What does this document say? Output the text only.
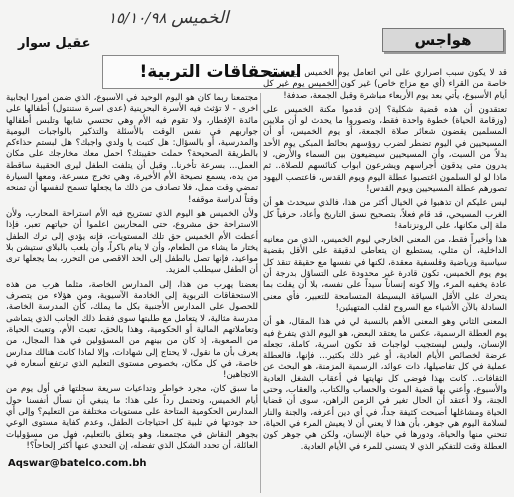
الخميس ١٥/١٠/٩٨
عقيل سوار	هواجس
استحقاقات التربية!

قد لا يكون سبب اصراري على أني أتعامل يوم الخميس مع شريحة خاصة من القراء (أي مع مزاج خاص) غير كون الخميس يوم غير كل أيام الأسبوع، يأتي بعد يوم الأربعاء مباشرة وقبل الجمعة، صدفة!

تعتقدون أن هذه قضية شكلية؟ إذن قدموا مكنة الخميس على (وزقامة الحياة) خطوة واحدة فقط، وتصوروا ما يحدث لو أن ملايين المسلمين يقضون شعائر صلاة الجمعة، أو يوم الخميس، أو أن المسيحيين في اليوم تضطر لضرب روؤسهم بحائط المبكى يوم الأحد بدلاً من السبت، وأن المسيحيين سيضيعون بين السماء والأرض، لا يدرون متى يدقون أجراسهم ويشرعون ابواب كنائسهم للصلاة.. ثم ماذا لو لو السلمون اغتصبوا عطلة اليوم ويوم القدس، فاعتصب اليهود تصورهم عطلة المسيحيين ويوم القدس!

ليس عليكم ان تذهبوا في الخيال أكثر من هذا، فالذي سيحدث هو أن الغرب المسيحي، قد قام فعلاً، بتصحيح نسق التاريخ وأعاد، حرفياً كل ملة إلى مكانها، على الرونزنامة!

هذا وأخيراً فقط، من المعنى الخارجي ليوم الخميس، الذي من معانيه الداخلية، أن مثلي، يستطيع ان يتعاطى لدقيقة على الأقل بقضية سياسية ورياضية وفلسفية معقدة، لكنها في نفسها مع حقيقة تنقذ كل يوم يوم الخميس، تكون قادرة غير محدودة على التساؤل بدرجة أن عادة يخفيه المرء، وإلا كونه إنساناً سيداً على نفسه، بلا أن يفلت بما يتحرك على الأقل السياقة البسيطة المتسامحة للتعبير، فأي معنى السادلة بالآن الأشياء مع السروح لقلب المتهيئين!

المعنى الثاني وهو المعنى الأهم بالنسبة لي في هذا المقال، هو أن يوم العطلة الرسمية، عكس ما يعتقد البعض، هو اليوم الذي يتفرغ فيه الإنسان، وليس ليستجيب لواجبات قد تكون اسرية، كاملة، تجعله عرضة لخصائص الأيام العادية، أو غير ذلك بكثير... فإنها، فالعطلة عملية في كل تفاصيلها، ذات عوائد، الرسمية المزمنة، هو البحث عن الثقافات.. كانت بهذا فوضى كل نهايتها في أعقاب الشغل العادية والأسبوع، وأعني بها قضية الموت والحساب والكتاب، والعقاب، وحتى الجنة، ولا أعتقد أن الحال تغير في الزمن الراهن، سوى أن قضايا الحياة ومشاغلها أصبحت كثيفة جداً، في أي دين أعرفه، والجنة والنار لسلامة اليوم هي جوهر، بأن هذا لا يعني أن لا يعيش المرء في الحياة، تنحني منها والحياة، ودورها في حياة الإنسان، ولكن هي جوهر كون العطلة وقت للتفكير الذي لا يتسنى للمرء في الأيام العادية.

مجتمعنا ربما كان هو اليوم الوحيد في الأسبوع، الذي ضمن امورا ايجابية اخرى - لا تؤثث فيه الأسرة البحرينية (عدى اسرة ستنتول) أطفالها على مائدة الإفطار، ولا تقوم فيه الأم وهي تحتسي شايها وتلبس أطفالها جواربهم في نفس الوقت بالأسئلة والتذكير بالواجبات اليومية والمدرسية، أو بالسؤال: هل كتبت يا ولدي واجبك؟ هل لبستم حذاءكم بالطريقة الصحيحة؟ حملت حقيبتك؟ احمل معك مخارجك على مكان العمل... بسرعة تأخرنا.. وقبل أن يتلفت الطفل ليرى الحقيبة ساقطة من يده، يسمع نصيحة الأم الأخيرة، وهي تخرج مسرعة، ومعها السيارة تمضي وقت ممل، فلا تصادف من ذلك ما يجعلها تسمح لنفسها أن تمنحه وقتاً لدراسة موقفه!

ولأن الخميس هو اليوم الذي تستريح فيه الأم استراحة المحارب، ولأن الاستراحة حق مشروع، حتى المحاربين اعلموا أن حياتهم تعبر، فإذا أعطت الأم الخميس حق تلك المستويات، فإنه يؤدي إلى ترك الطفل يختار ما يشاء من الطعام، وأن لا ينام باكراً، وأن يلعب بالبلاي ستيشن بلا مواعيد، فإنها تصل بالطفل إلى الحد الاقصى من التحرر، بما يجعلها ترى أن الطفل سيطلب المزيد.

بعضنا يهرب من هذا، إلى المدارس الخاصة، مثلما هرب من هذه الاستحقاقات التربوية إلى الخادمة الآسيوية، ومن هؤلاء من يتصرف للحصول على المدارس الأجنبية بكل ما يملك، كأن المدرسة الخاصة، مدرسة مثالية، لا يتعامل مع طلبتها سوى فقط ذلك الجانب الذي يتماشى وتعاملاتهم المالية أو الحكومية، وهذا بالحق، تعبت الأم، وتعبت الحياة، من الصعوبة، إذ كان من بينهم من المسؤولين في هذا المجال، من يعرف بأن ما نقول، لا يحتاج إلى شهادات، وإلا لماذا كانت هنالك مدارس خاصة، في كل مكان، بخصوص مستوى التعليم الذي ترتفع أسعاره في الاتجاهين!

ما سبق كان، مجرد خواطر وتداعيات سريعة سجلتها في أول يوم من أيام الخميس، وتحتمل رداً على هذا: ما ينبغي أن نسأل أنفسنا حول المدارس الحكومية المتاحة على مستويات مختلفة من التعليم؟ وإلى أي حد جودتها في تلبية كل احتياجات الطفل، وعدم كفاية مستوى الوعي بجوهر النقاش في مجتمعنا، وهو يتعلق بالتعليم، فهل من مسؤوليات العائلة، أن تحدد الشكل الذي تفضله، إن التحدي عنها أكثر إلحاحاً؟!

Aqswar@batelco.com.bh
